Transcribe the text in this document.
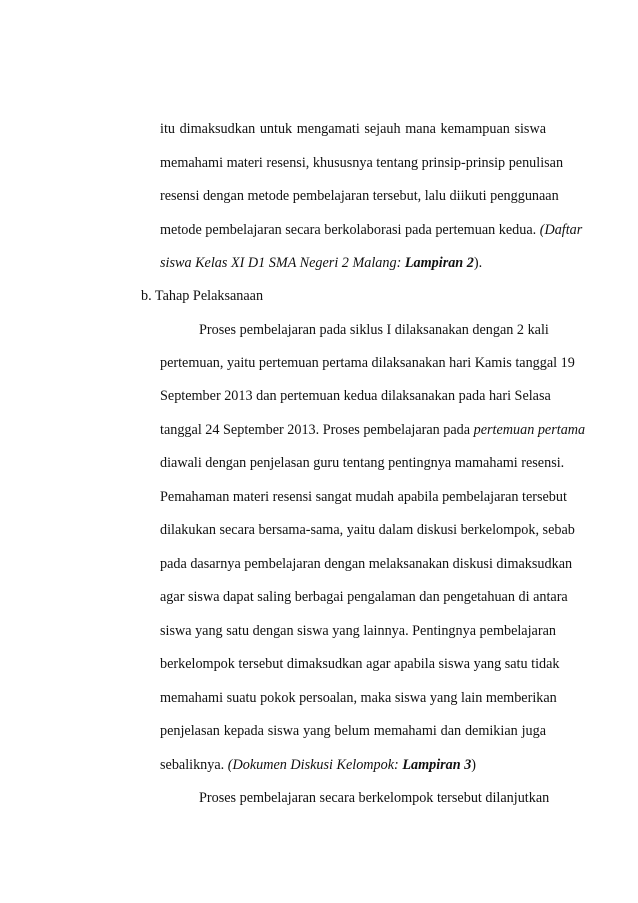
itu dimaksudkan untuk mengamati sejauh mana kemampuan siswa
memahami materi resensi, khususnya tentang prinsip-prinsip penulisan
resensi dengan metode pembelajaran tersebut, lalu diikuti penggunaan
metode pembelajaran secara berkolaborasi pada pertemuan kedua. (Daftar
siswa Kelas XI D1 SMA Negeri 2 Malang: Lampiran 2).
b. Tahap Pelaksanaan
Proses pembelajaran pada siklus I dilaksanakan dengan 2 kali
pertemuan, yaitu pertemuan pertama dilaksanakan hari Kamis tanggal 19
September 2013 dan pertemuan kedua dilaksanakan pada hari Selasa
tanggal 24 September 2013. Proses pembelajaran pada pertemuan pertama
diawali dengan penjelasan guru tentang pentingnya mamahami resensi.
Pemahaman materi resensi sangat mudah apabila pembelajaran tersebut
dilakukan secara bersama-sama, yaitu dalam diskusi berkelompok, sebab
pada dasarnya pembelajaran dengan melaksanakan diskusi dimaksudkan
agar siswa dapat saling berbagai pengalaman dan pengetahuan di antara
siswa yang satu dengan siswa yang lainnya. Pentingnya pembelajaran
berkelompok tersebut dimaksudkan agar apabila siswa yang satu tidak
memahami suatu pokok persoalan, maka siswa yang lain memberikan
penjelasan kepada siswa yang belum memahami dan demikian juga
sebaliknya. (Dokumen Diskusi Kelompok: Lampiran 3)
Proses pembelajaran secara berkelompok tersebut dilanjutkan
